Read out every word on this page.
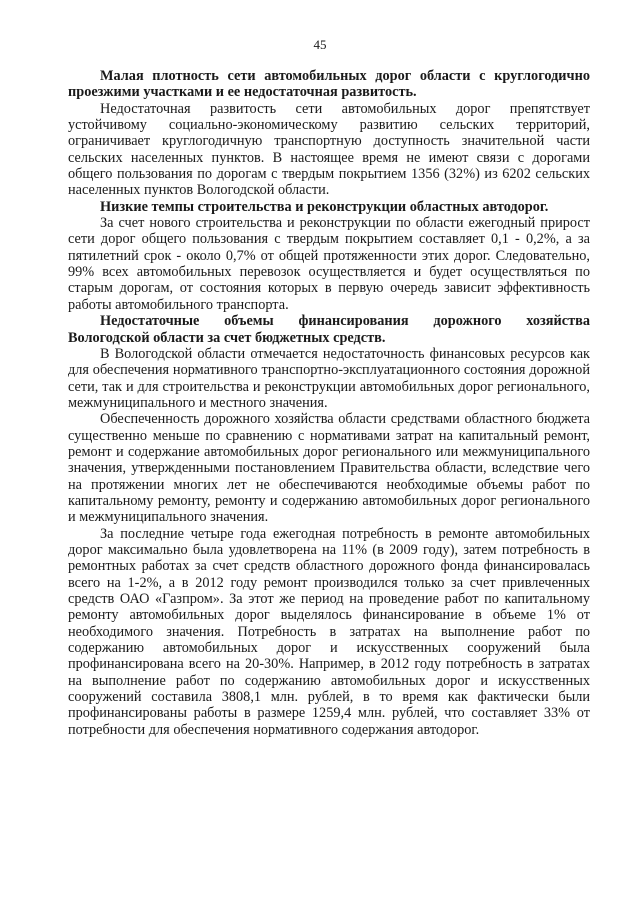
45

Малая плотность сети автомобильных дорог области с круглогодично проезжими участками и ее недостаточная развитость.

Недостаточная развитость сети автомобильных дорог препятствует устойчивому социально-экономическому развитию сельских территорий, ограничивает круглогодичную транспортную доступность значительной части сельских населенных пунктов. В настоящее время не имеют связи с дорогами общего пользования по дорогам с твердым покрытием 1356 (32%) из 6202 сельских населенных пунктов Вологодской области.

Низкие темпы строительства и реконструкции областных автодорог.

За счет нового строительства и реконструкции по области ежегодный прирост сети дорог общего пользования с твердым покрытием составляет 0,1 - 0,2%, а за пятилетний срок - около 0,7% от общей протяженности этих дорог. Следовательно, 99% всех автомобильных перевозок осуществляется и будет осуществляться по старым дорогам, от состояния которых в первую очередь зависит эффективность работы автомобильного транспорта.

Недостаточные объемы финансирования дорожного хозяйства Вологодской области за счет бюджетных средств.

В Вологодской области отмечается недостаточность финансовых ресурсов как для обеспечения нормативного транспортно-эксплуатационного состояния дорожной сети, так и для строительства и реконструкции автомобильных дорог регионального, межмуниципального и местного значения.

Обеспеченность дорожного хозяйства области средствами областного бюджета существенно меньше по сравнению с нормативами затрат на капитальный ремонт, ремонт и содержание автомобильных дорог регионального или межмуниципального значения, утвержденными постановлением Правительства области, вследствие чего на протяжении многих лет не обеспечиваются необходимые объемы работ по капитальному ремонту, ремонту и содержанию автомобильных дорог регионального и межмуниципального значения.

За последние четыре года ежегодная потребность в ремонте автомобильных дорог максимально была удовлетворена на 11% (в 2009 году), затем потребность в ремонтных работах за счет средств областного дорожного фонда финансировалась всего на 1-2%, а в 2012 году ремонт производился только за счет привлеченных средств ОАО «Газпром». За этот же период на проведение работ по капитальному ремонту автомобильных дорог выделялось финансирование в объеме 1% от необходимого значения. Потребность в затратах на выполнение работ по содержанию автомобильных дорог и искусственных сооружений была профинансирована всего на 20-30%. Например, в 2012 году потребность в затратах на выполнение работ по содержанию автомобильных дорог и искусственных сооружений составила 3808,1 млн. рублей, в то время как фактически были профинансированы работы в размере 1259,4 млн. рублей, что составляет 33% от потребности для обеспечения нормативного содержания автодорог.
